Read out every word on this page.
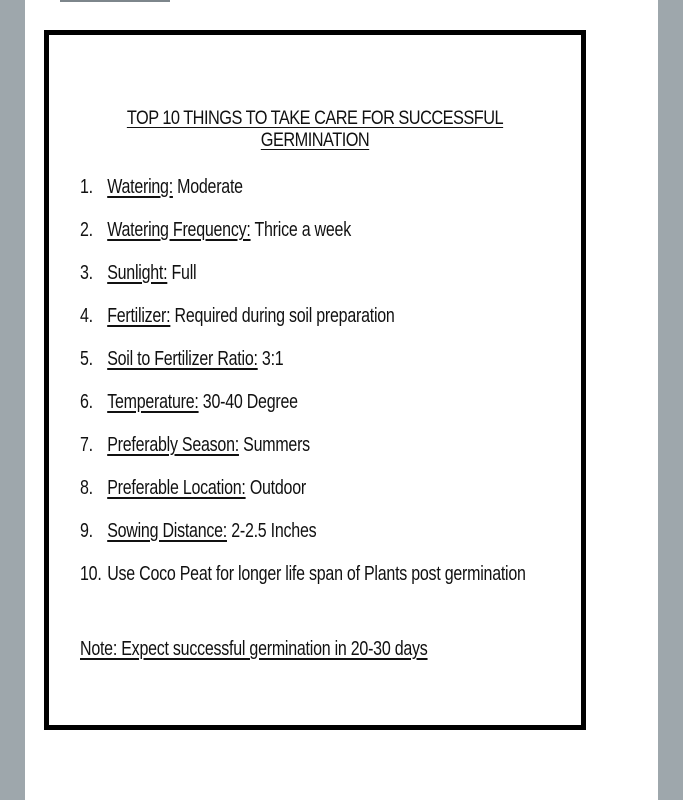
TOP 10 THINGS TO TAKE CARE FOR SUCCESSFUL GERMINATION
1. Watering: Moderate
2. Watering Frequency: Thrice a week
3. Sunlight: Full
4. Fertilizer: Required during soil preparation
5. Soil to Fertilizer Ratio: 3:1
6. Temperature: 30-40 Degree
7. Preferably Season: Summers
8. Preferable Location: Outdoor
9. Sowing Distance: 2-2.5 Inches
10. Use Coco Peat for longer life span of Plants post germination
Note: Expect successful germination in 20-30 days
